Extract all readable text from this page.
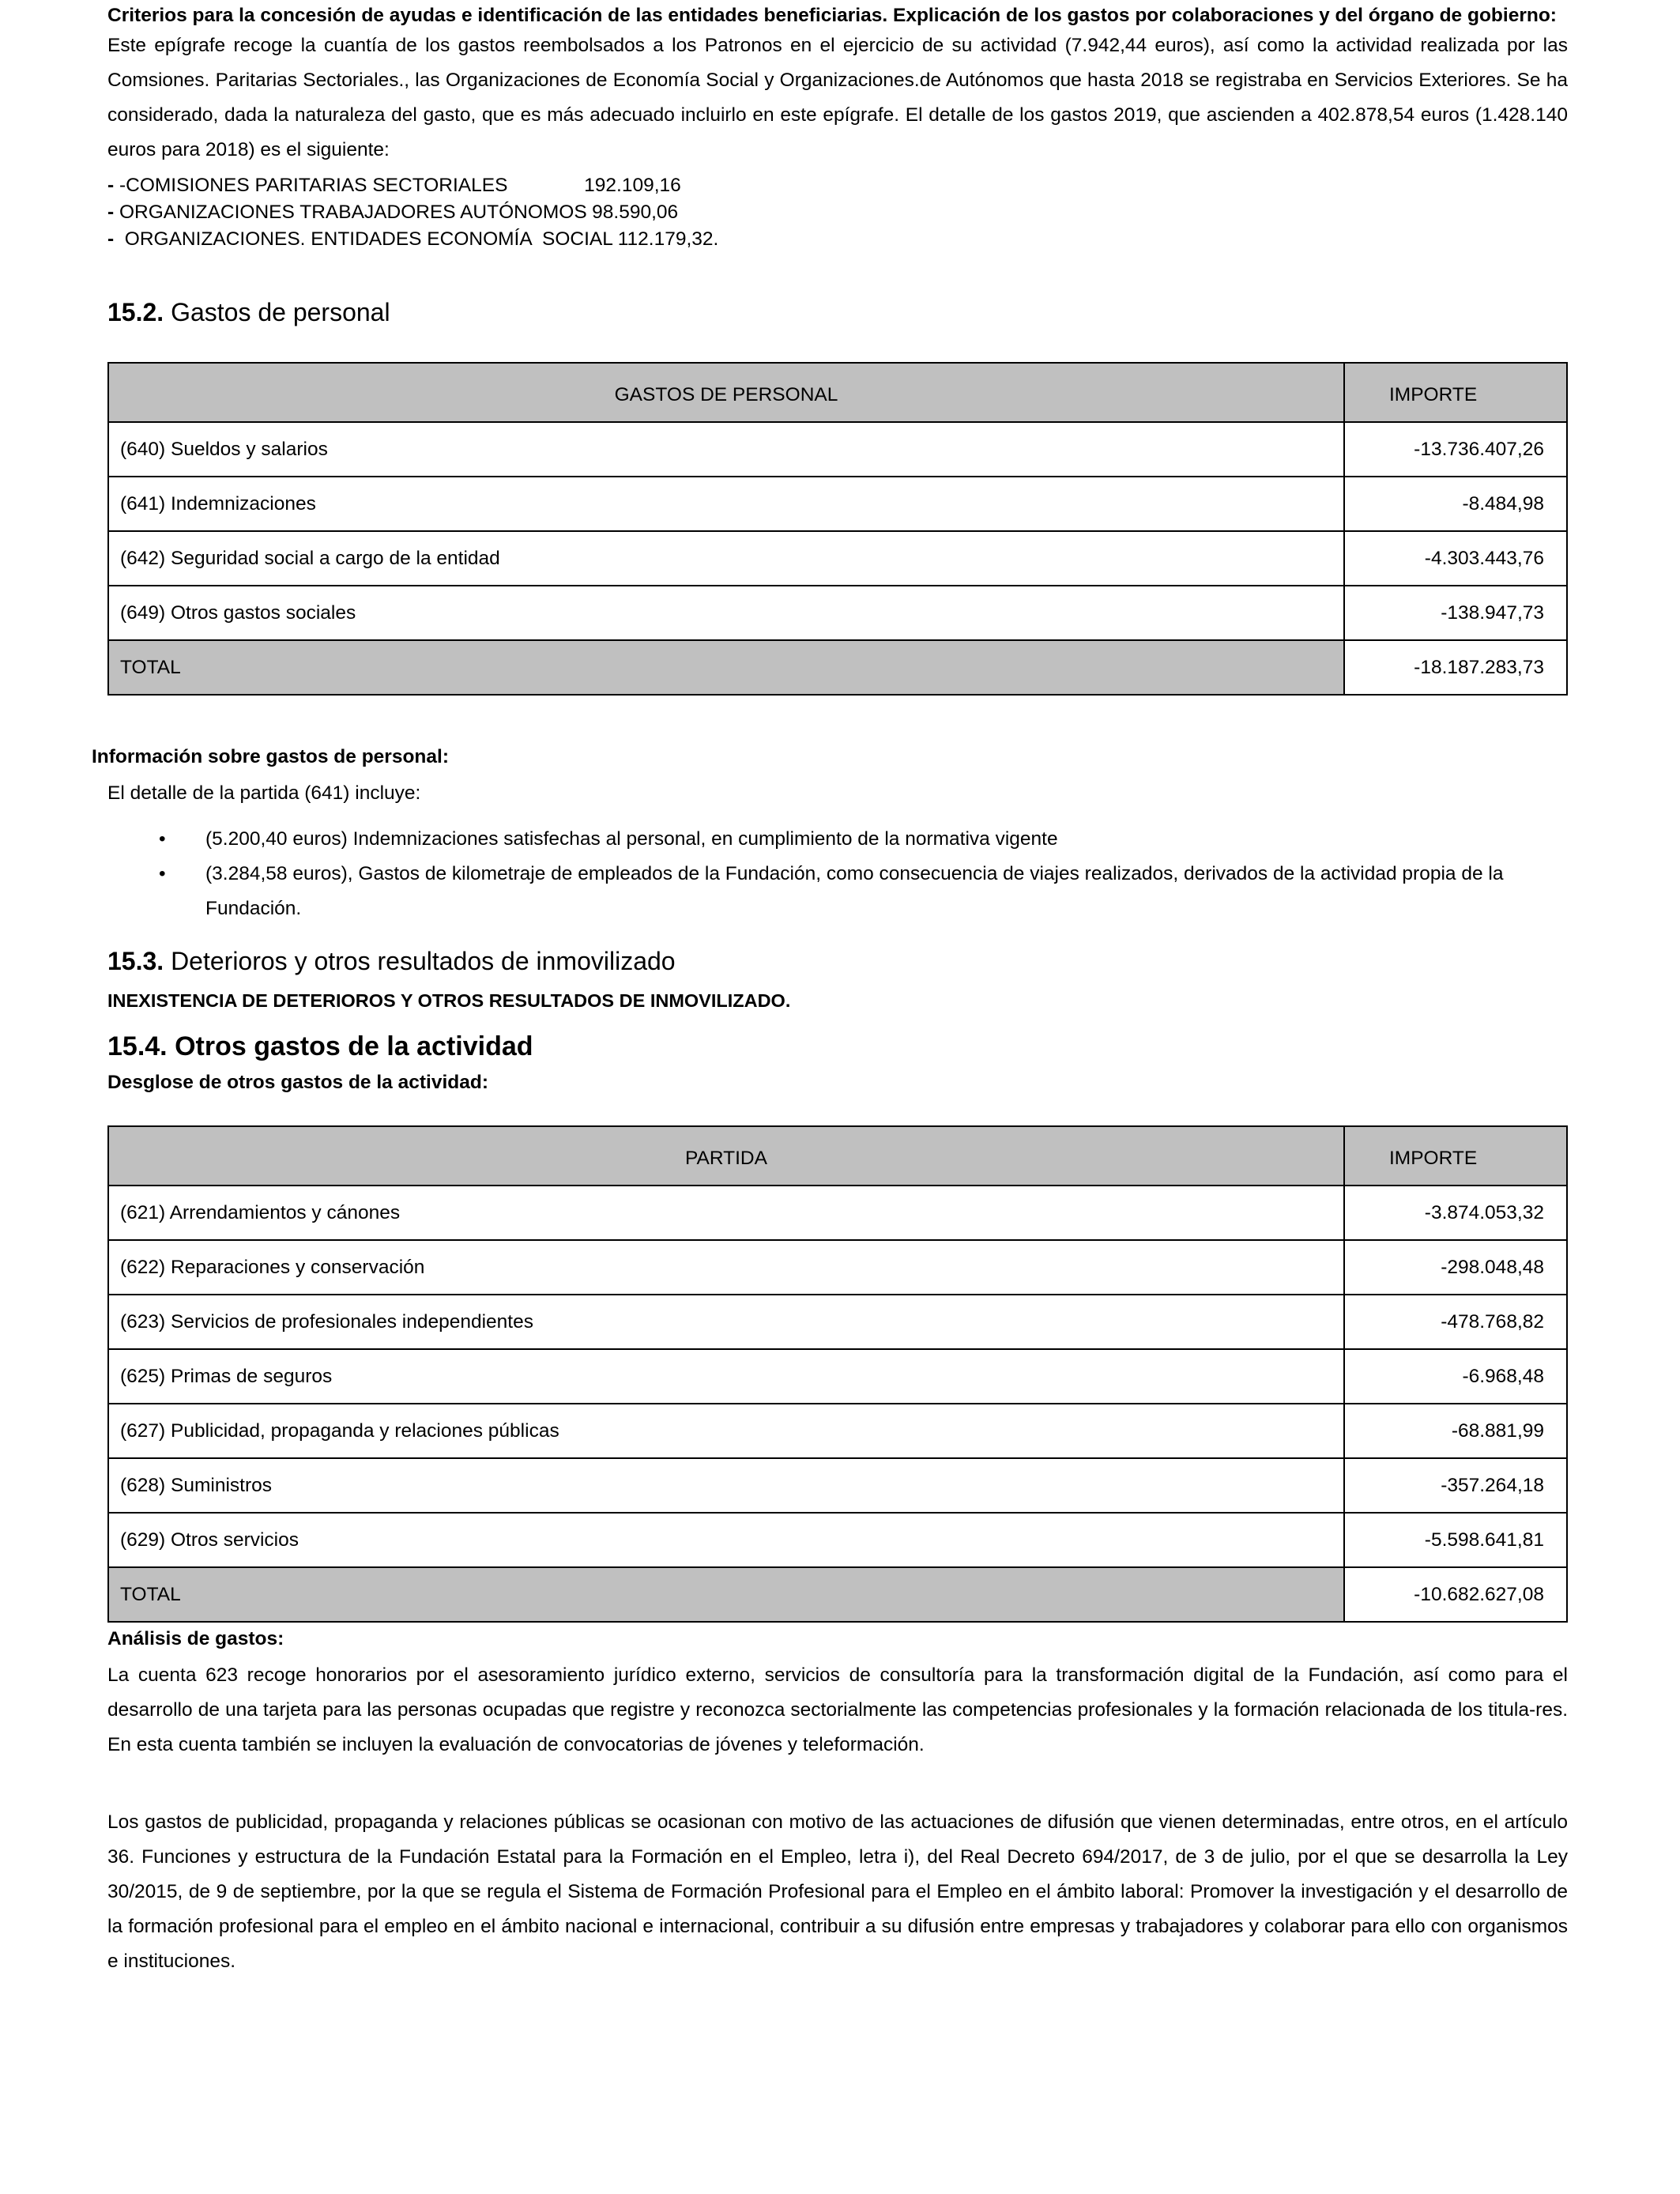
Criterios para la concesión de ayudas e identificación de las entidades beneficiarias. Explicación de los gastos por colaboraciones y del órgano de gobierno:

Este epígrafe recoge la cuantía de los gastos reembolsados a los Patronos en el ejercicio de su actividad (7.942,44 euros), así como la actividad realizada por las Comsiones. Paritarias Sectoriales., las Organizaciones de Economía Social y Organizaciones.de Autónomos que hasta 2018 se registraba en Servicios Exteriores. Se ha considerado, dada la naturaleza del gasto, que es más adecuado incluirlo en este epígrafe. El detalle de los gastos 2019, que ascienden a 402.878,54 euros (1.428.140 euros para 2018) es el siguiente:

- -COMISIONES PARITARIAS SECTORIALES	192.109,16
- ORGANIZACIONES TRABAJADORES AUTÓNOMOS 98.590,06
-  ORGANIZACIONES. ENTIDADES ECONOMÍA  SOCIAL 112.179,32.
15.2. Gastos de personal
GASTOS DE PERSONAL	IMPORTE
(640) Sueldos y salarios	-13.736.407,26
(641) Indemnizaciones	-8.484,98
(642) Seguridad social a cargo de la entidad	-4.303.443,76
(649) Otros gastos sociales	-138.947,73
TOTAL	-18.187.283,73
Información sobre gastos de personal:
El detalle de la partida (641) incluye:
• (5.200,40 euros) Indemnizaciones satisfechas al personal, en cumplimiento de la normativa vigente
• (3.284,58 euros), Gastos de kilometraje de empleados de la Fundación, como consecuencia de viajes realizados, derivados de la actividad propia de la Fundación.
15.3. Deterioros y otros resultados de inmovilizado
INEXISTENCIA DE DETERIOROS Y OTROS RESULTADOS DE INMOVILIZADO.
15.4. Otros gastos de la actividad
Desglose de otros gastos de la actividad:
PARTIDA	IMPORTE
(621) Arrendamientos y cánones	-3.874.053,32
(622) Reparaciones y conservación	-298.048,48
(623) Servicios de profesionales independientes	-478.768,82
(625) Primas de seguros	-6.968,48
(627) Publicidad, propaganda y relaciones públicas	-68.881,99
(628) Suministros	-357.264,18
(629) Otros servicios	-5.598.641,81
TOTAL	-10.682.627,08
Análisis de gastos:

La cuenta 623 recoge honorarios por el asesoramiento jurídico externo, servicios de consultoría para la transformación digital de la Fundación, así como para el desarrollo de una tarjeta para las personas ocupadas que registre y reconozca sectorialmente las competencias profesionales y la formación relacionada de los titula-res. En esta cuenta también se incluyen la evaluación de convocatorias de jóvenes y teleformación.

Los gastos de publicidad, propaganda y relaciones públicas se ocasionan con motivo de las actuaciones de difusión que vienen determinadas, entre otros, en el artículo 36. Funciones y estructura de la Fundación Estatal para la Formación en el Empleo, letra i), del Real Decreto 694/2017, de 3 de julio, por el que se desarrolla la Ley 30/2015, de 9 de septiembre, por la que se regula el Sistema de Formación Profesional para el Empleo en el ámbito laboral: Promover la investigación y el desarrollo de la formación profesional para el empleo en el ámbito nacional e internacional, contribuir a su difusión entre empresas y trabajadores y colaborar para ello con organismos e instituciones.
